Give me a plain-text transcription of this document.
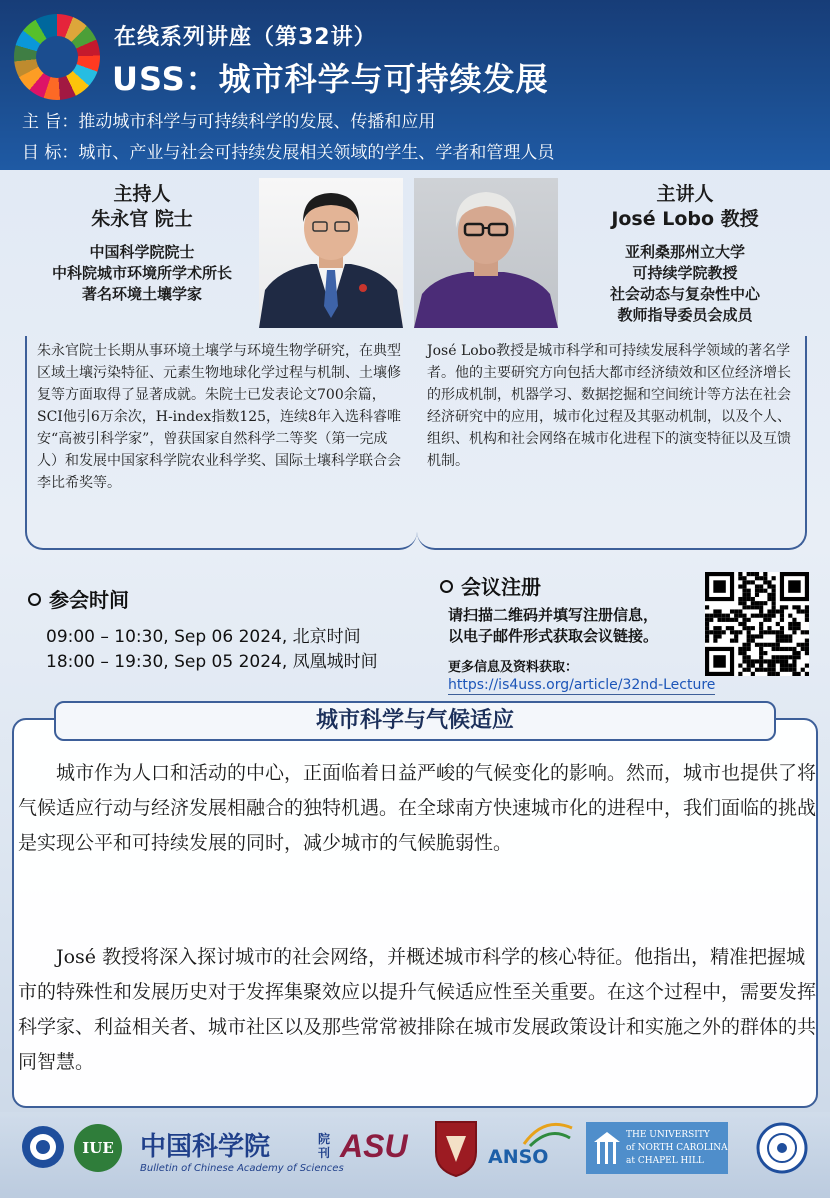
在线系列讲座（第32讲）
USS：城市科学与可持续发展
主 旨：推动城市科学与可持续科学的发展、传播和应用
目 标：城市、产业与社会可持续发展相关领域的学生、学者和管理人员
主持人
朱永官 院士
中国科学院院士
中科院城市环境所学术所长
著名环境土壤学家
主讲人
José Lobo 教授
亚利桑那州立大学
可持续学院教授
社会动态与复杂性中心
教师指导委员会成员
朱永官院士长期从事环境土壤学与环境生物学研究，在典型区域土壤污染特征、元素生物地球化学过程与机制、土壤修复等方面取得了显著成就。朱院士已发表论文700余篇，SCI他引6万余次，H-index指数125，连续8年入选科睿唯安“高被引科学家”，曾获国家自然科学二等奖（第一完成人）和发展中国家科学院农业科学奖、国际土壤科学联合会李比希奖等。
José Lobo教授是城市科学和可持续发展科学领域的著名学者。他的主要研究方向包括大都市经济绩效和区位经济增长的形成机制，机器学习、数据挖掘和空间统计等方法在社会经济研究中的应用，城市化过程及其驱动机制，以及个人、组织、机构和社会网络在城市化进程下的演变特征以及互馈机制。
参会时间
09:00 – 10:30, Sep 06 2024, 北京时间
18:00 – 19:30, Sep 05 2024, 凤凰城时间
会议注册
请扫描二维码并填写注册信息，
以电子邮件形式获取会议链接。
更多信息及资料获取：
https://is4uss.org/article/32nd-Lecture
城市科学与气候适应
城市作为人口和活动的中心，正面临着日益严峻的气候变化的影响。然而，城市也提供了将气候适应行动与经济发展相融合的独特机遇。在全球南方快速城市化的进程中，我们面临的挑战是实现公平和可持续发展的同时，减少城市的气候脆弱性。
José 教授将深入探讨城市的社会网络，并概述城市科学的核心特征。他指出，精准把握城市的特殊性和发展历史对于发挥集聚效应以提升气候适应性至关重要。在这个过程中，需要发挥科学家、利益相关者、城市社区以及那些常常被排除在城市发展政策设计和实施之外的群体的共同智慧。
IUE	中国科学院
Bulletin of Chinese Academy of Sciences
院刊 ASU	ANSO
THE UNIVERSITY
of NORTH CAROLINA
at CHAPEL HILL
